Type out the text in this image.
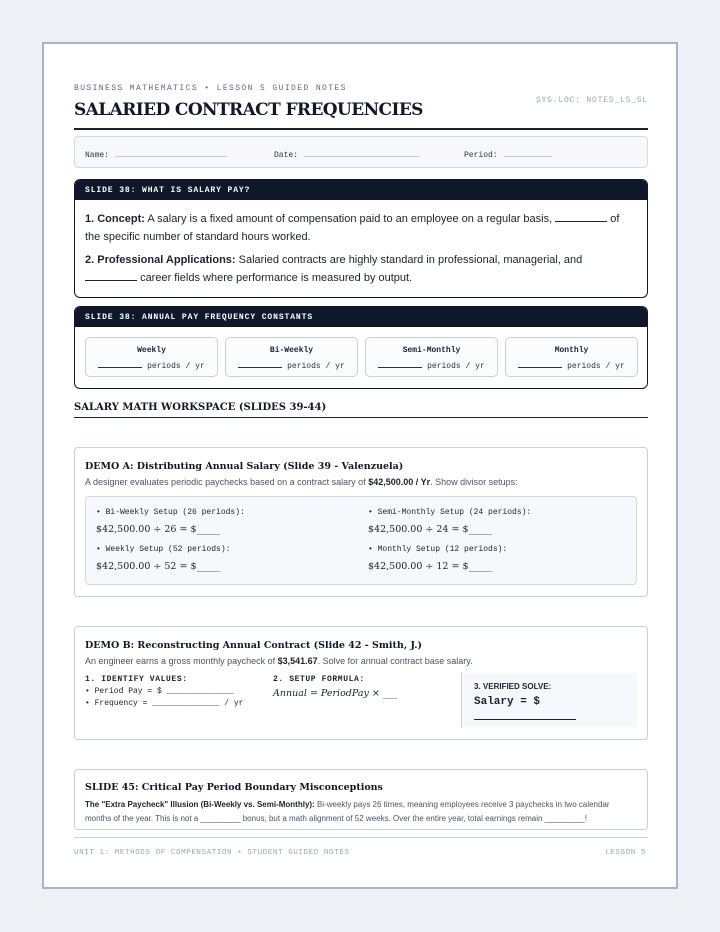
BUSINESS MATHEMATICS • LESSON 5 GUIDED NOTES
SYS.LOC: NOTES_L5_SL
SALARIED CONTRACT FREQUENCIES
Name:	Date:	Period:
SLIDE 38: WHAT IS SALARY PAY?

1. Concept: A salary is a fixed amount of compensation paid to an employee on a regular basis,	of the specific number of standard hours worked.

2. Professional Applications: Salaried contracts are highly standard in professional, managerial, and  career fields where performance is measured by output.

SLIDE 38: ANNUAL PAY FREQUENCY CONSTANTS
Weekly
periods / yr
Bi-Weekly
periods / yr
Semi-Monthly
periods / yr
Monthly
periods / yr
SALARY MATH WORKSPACE (SLIDES 39-44)
DEMO A: Distributing Annual Salary (Slide 39 - Valenzuela)
A designer evaluates periodic paychecks based on a contract salary of $42,500.00 / Yr. Show divisor setups:
• Bi-Weekly Setup (26 periods):
$42,500.00 ÷ 26 = $_____
• Semi-Monthly Setup (24 periods):
$42,500.00 ÷ 24 = $_____
• Weekly Setup (52 periods):
$42,500.00 ÷ 52 = $_____
• Monthly Setup (12 periods):
$42,500.00 ÷ 12 = $_____
DEMO B: Reconstructing Annual Contract (Slide 42 - Smith, J.)
An engineer earns a gross monthly paycheck of $3,541.67. Solve for annual contract base salary.
1. IDENTIFY VALUES:
• Period Pay = $ ______________
• Frequency = ______________ / yr
2. SETUP FORMULA:
Annual = PeriodPay × ___
3. VERIFIED SOLVE:
Salary = $
SLIDE 45: Critical Pay Period Boundary Misconceptions
The "Extra Paycheck" Illusion (Bi-Weekly vs. Semi-Monthly): Bi-weekly pays 26 times, meaning employees receive 3 paychecks in two calendar months of the year. This is not a _________ bonus, but a math alignment of 52 weeks. Over the entire year, total earnings remain _________!
UNIT 1: METHODS OF COMPENSATION • STUDENT GUIDED NOTES	LESSON 5
